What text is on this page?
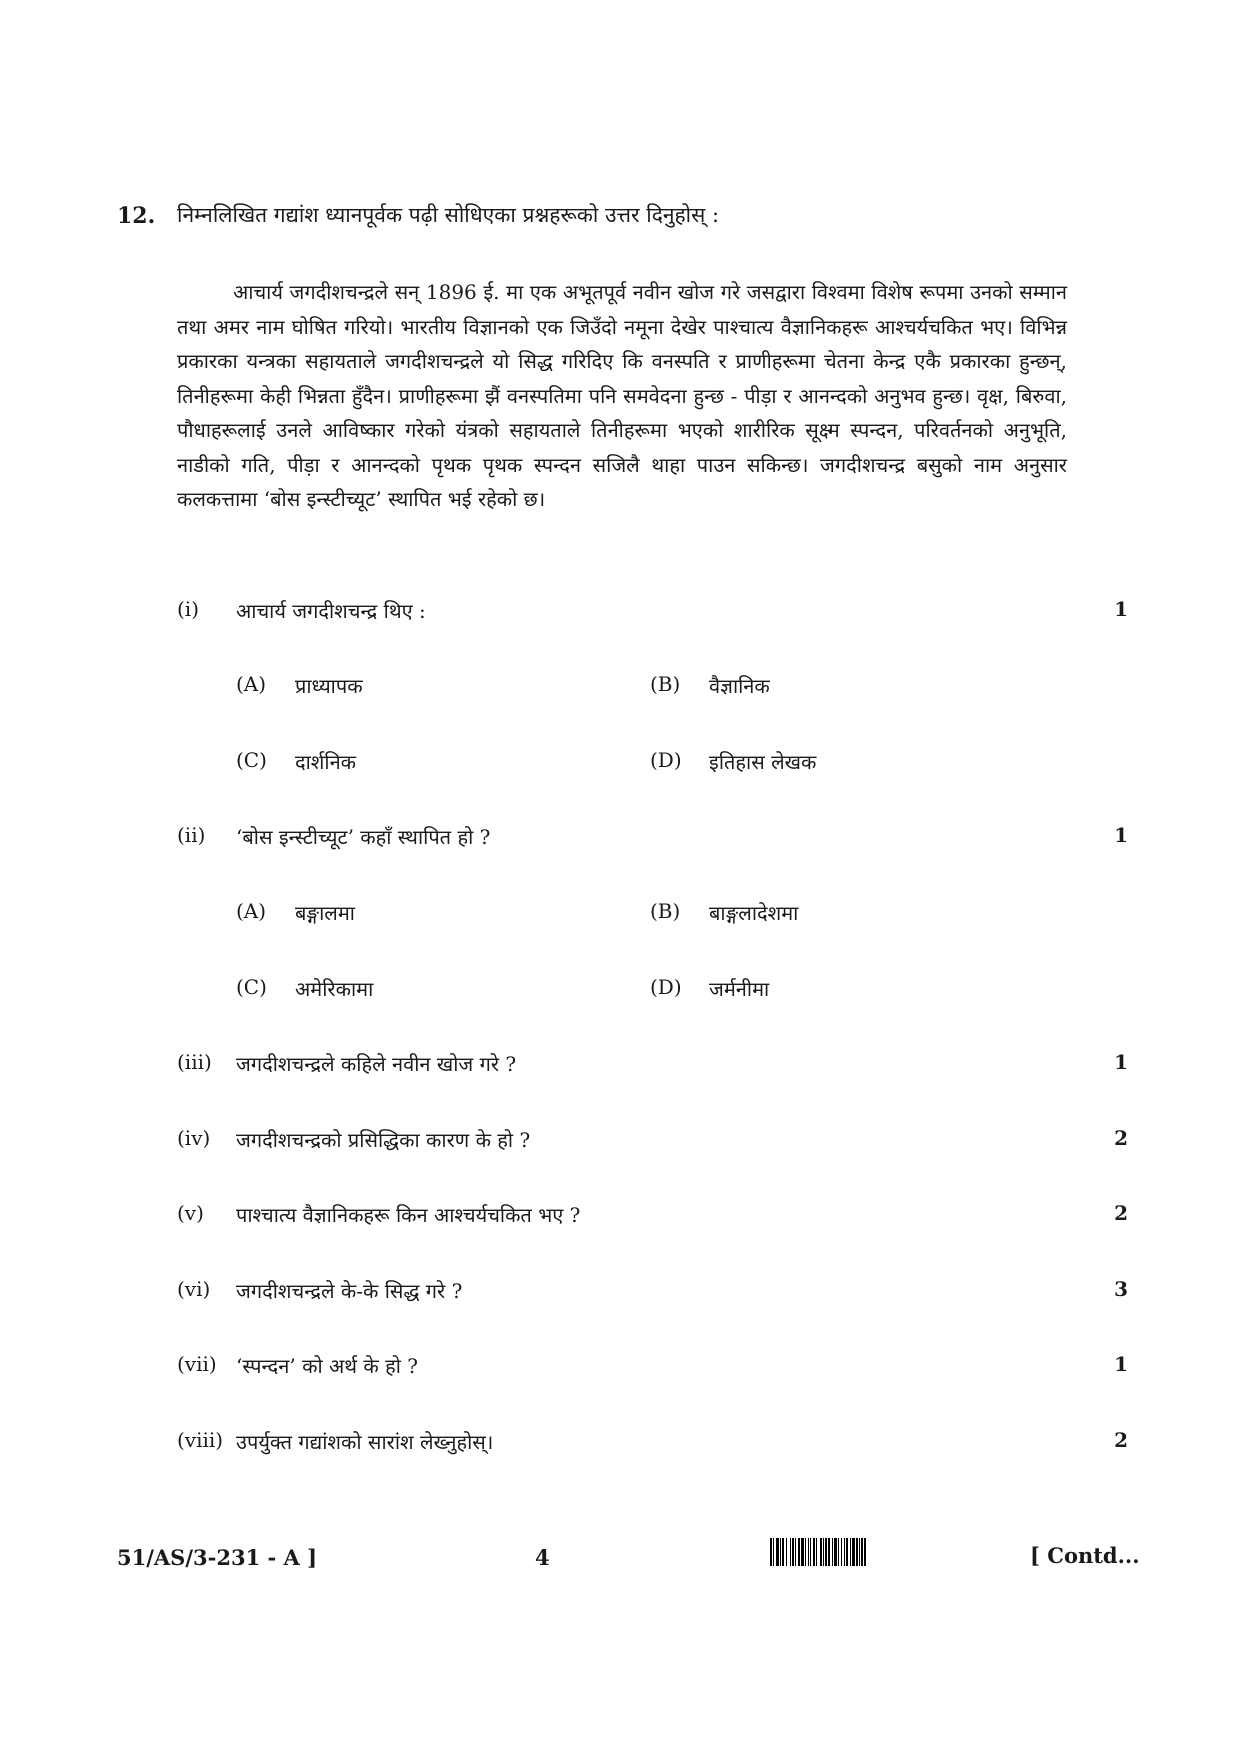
12. निम्नलिखित गद्यांश ध्यानपूर्वक पढ़ी सोधिएका प्रश्नहरूको उत्तर दिनुहोस् :
आचार्य जगदीशचन्द्रले सन् 1896 ई. मा एक अभूतपूर्व नवीन खोज गरे जसद्वारा विश्वमा विशेष रूपमा उनको सम्मान तथा अमर नाम घोषित गरियो। भारतीय विज्ञानको एक जिउँदो नमूना देखेर पाश्चात्य वैज्ञानिकहरू आश्चर्यचकित भए। विभिन्न प्रकारका यन्त्रका सहायताले जगदीशचन्द्रले यो सिद्ध गरिदिए कि वनस्पति र प्राणीहरूमा चेतना केन्द्र एकै प्रकारका हुन्छन्, तिनीहरूमा केही भिन्नता हुँदैन। प्राणीहरूमा झैं वनस्पतिमा पनि समवेदना हुन्छ - पीड़ा र आनन्दको अनुभव हुन्छ। वृक्ष, बिरुवा, पौधाहरूलाई उनले आविष्कार गरेको यंत्रको सहायताले तिनीहरूमा भएको शारीरिक सूक्ष्म स्पन्दन, परिवर्तनको अनुभूति, नाडीको गति, पीड़ा र आनन्दको पृथक पृथक स्पन्दन सजिलै थाहा पाउन सकिन्छ। जगदीशचन्द्र बसुको नाम अनुसार कलकत्तामा ‘बोस इन्स्टीच्यूट’ स्थापित भई रहेको छ।
(i) आचार्य जगदीशचन्द्र थिए :	1
(A) प्राध्यापक	(B) वैज्ञानिक
(C) दार्शनिक	(D) इतिहास लेखक
(ii) ‘बोस इन्स्टीच्यूट’ कहाँ स्थापित हो ?	1
(A) बङ्गालमा	(B) बाङ्गलादेशमा
(C) अमेरिकामा	(D) जर्मनीमा
(iii) जगदीशचन्द्रले कहिले नवीन खोज गरे ?	1
(iv) जगदीशचन्द्रको प्रसिद्धिका कारण के हो ?	2
(v) पाश्चात्य वैज्ञानिकहरू किन आश्चर्यचकित भए ?	2
(vi) जगदीशचन्द्रले के-के सिद्ध गरे ?	3
(vii) ‘स्पन्दन’ को अर्थ के हो ?	1
(viii) उपर्युक्त गद्यांशको सारांश लेख्नुहोस्।	2
51/AS/3-231 - A ]	4	[ Contd...
